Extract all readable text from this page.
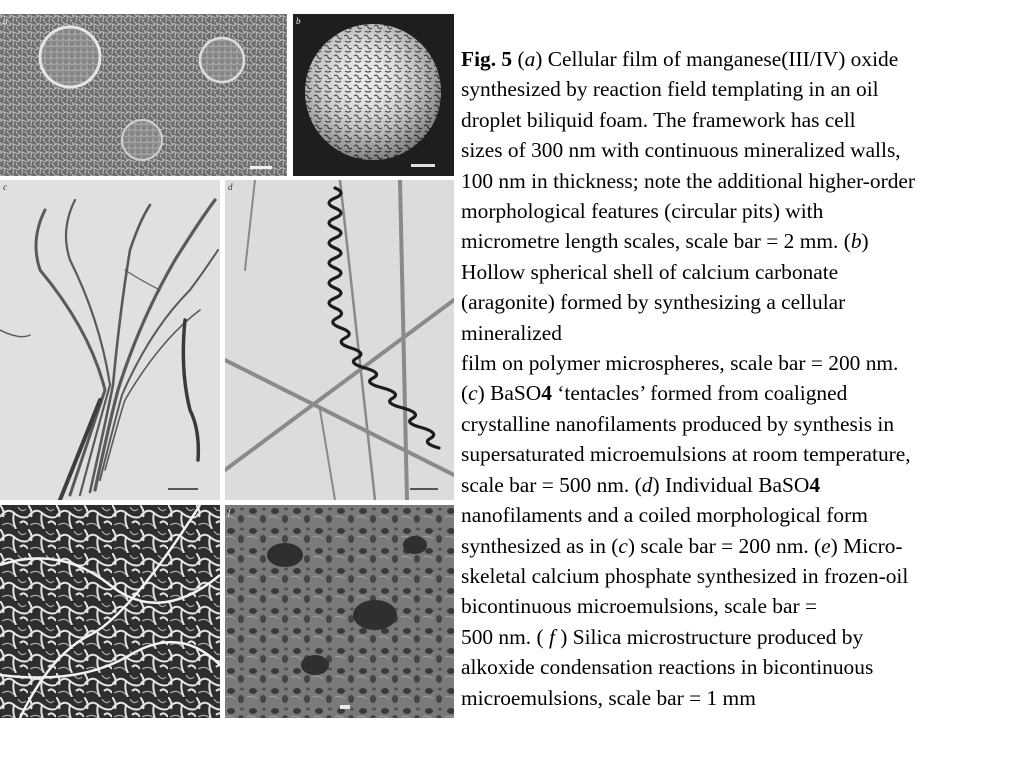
a	b
c	d
e	f
Fig. 5 (a) Cellular film of manganese(III/IV) oxide
synthesized by reaction field templating in an oil
droplet biliquid foam. The framework has cell
sizes of 300 nm with continuous mineralized walls,
100 nm in thickness; note the additional higher-order
morphological features (circular pits) with
micrometre length scales, scale bar = 2 mm. (b)
Hollow spherical shell of calcium carbonate
(aragonite) formed by synthesizing a cellular
mineralized
film on polymer microspheres, scale bar = 200 nm.
(c) BaSO4 ‘tentacles’ formed from coaligned
crystalline nanofilaments produced by synthesis in
supersaturated microemulsions at room temperature,
scale bar = 500 nm. (d) Individual BaSO4
nanofilaments and a coiled morphological form
synthesized as in (c) scale bar = 200 nm. (e) Micro-
skeletal calcium phosphate synthesized in frozen-oil
bicontinuous microemulsions, scale bar =
500 nm. ( f ) Silica microstructure produced by
alkoxide condensation reactions in bicontinuous
microemulsions, scale bar = 1 mm
